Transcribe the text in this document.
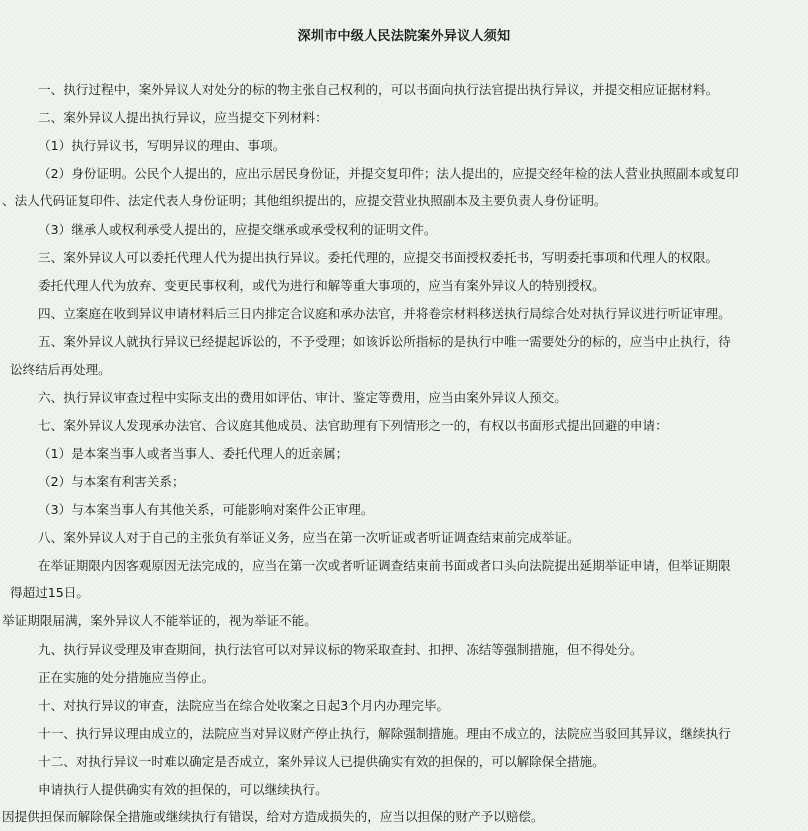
深圳市中级人民法院案外异议人须知
一、执行过程中，案外异议人对处分的标的物主张自己权利的，可以书面向执行法官提出执行异议，并提交相应证据材料。
二、案外异议人提出执行异议，应当提交下列材料：
（1）执行异议书，写明异议的理由、事项。
（2）身份证明。公民个人提出的，应出示居民身份证，并提交复印件；法人提出的，应提交经年检的法人营业执照副本或复印
、法人代码证复印件、法定代表人身份证明；其他组织提出的，应提交营业执照副本及主要负责人身份证明。
（3）继承人或权利承受人提出的，应提交继承或承受权利的证明文件。
三、案外异议人可以委托代理人代为提出执行异议。委托代理的，应提交书面授权委托书，写明委托事项和代理人的权限。
委托代理人代为放弃、变更民事权利，或代为进行和解等重大事项的，应当有案外异议人的特别授权。
四、立案庭在收到异议申请材料后三日内排定合议庭和承办法官，并将卷宗材料移送执行局综合处对执行异议进行听证审理。
五、案外异议人就执行异议已经提起诉讼的，不予受理；如该诉讼所指标的是执行中唯一需要处分的标的，应当中止执行，待
讼终结后再处理。
六、执行异议审查过程中实际支出的费用如评估、审计、鉴定等费用，应当由案外异议人预交。
七、案外异议人发现承办法官、合议庭其他成员、法官助理有下列情形之一的，有权以书面形式提出回避的申请：
（1）是本案当事人或者当事人、委托代理人的近亲属；
（2）与本案有利害关系；
（3）与本案当事人有其他关系，可能影响对案件公正审理。
八、案外异议人对于自己的主张负有举证义务，应当在第一次听证或者听证调查结束前完成举证。
在举证期限内因客观原因无法完成的，应当在第一次或者听证调查结束前书面或者口头向法院提出延期举证申请，但举证期限
得超过15日。
举证期限届满，案外异议人不能举证的，视为举证不能。
九、执行异议受理及审查期间，执行法官可以对异议标的物采取查封、扣押、冻结等强制措施，但不得处分。
正在实施的处分措施应当停止。
十、对执行异议的审查，法院应当在综合处收案之日起3个月内办理完毕。
十一、执行异议理由成立的，法院应当对异议财产停止执行，解除强制措施。理由不成立的，法院应当驳回其异议，继续执行
十二、对执行异议一时难以确定是否成立，案外异议人已提供确实有效的担保的，可以解除保全措施。
申请执行人提供确实有效的担保的，可以继续执行。
因提供担保而解除保全措施或继续执行有错误，给对方造成损失的，应当以担保的财产予以赔偿。
